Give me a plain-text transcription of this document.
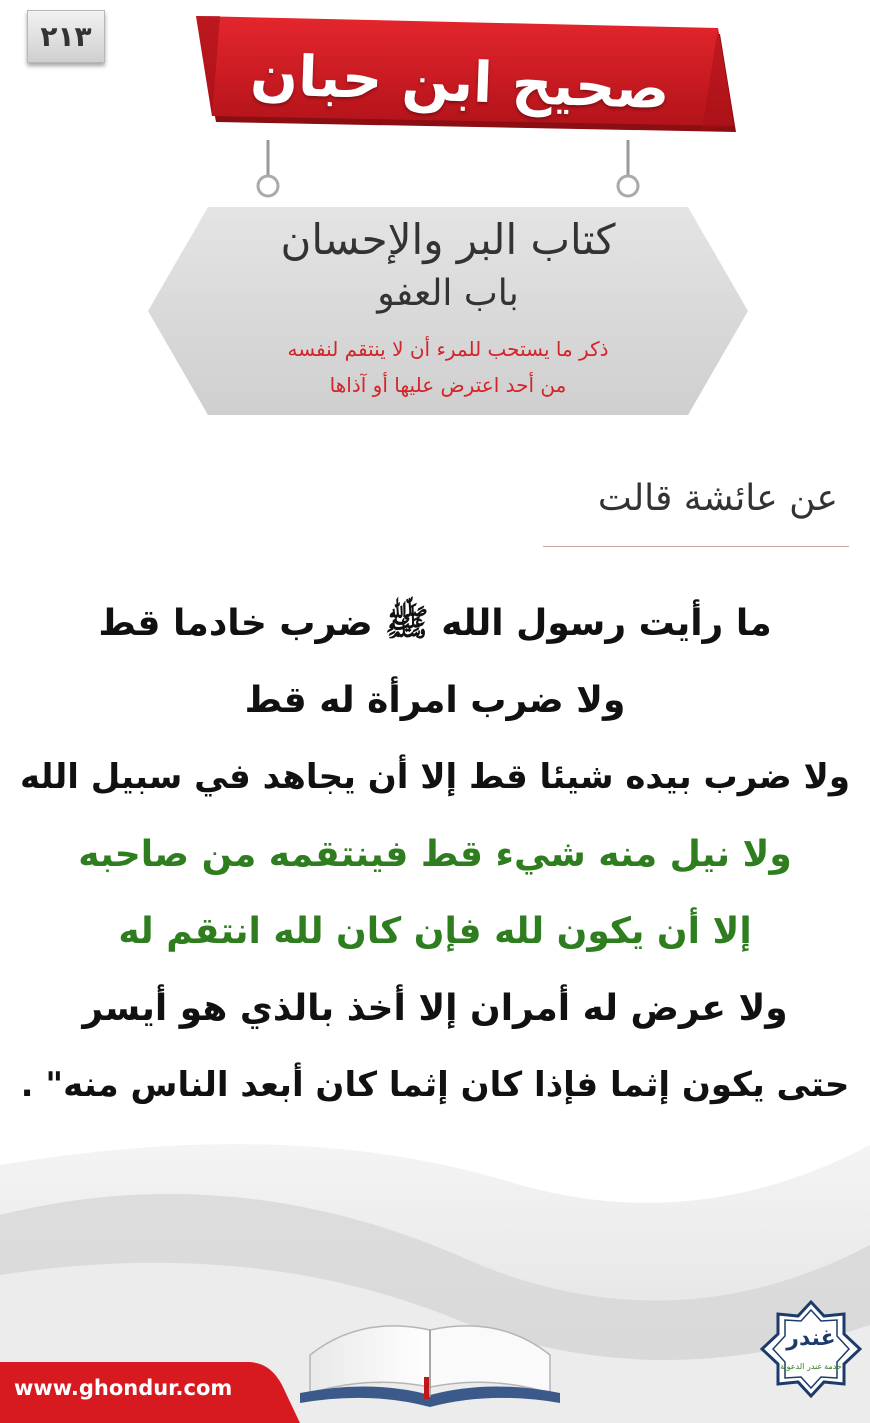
٢١٣
صحيح ابن حبان
كتاب البر والإحسان
باب العفو
ذكر ما يستحب للمرء أن لا ينتقم لنفسه
من أحد اعترض عليها أو آذاها
عن عائشة قالت
ما رأيت رسول الله ﷺ ضرب خادما قط
ولا ضرب امرأة له قط
ولا ضرب بيده شيئا قط إلا أن يجاهد في سبيل الله
ولا نيل منه شيء قط فينتقمه من صاحبه
إلا أن يكون لله فإن كان لله انتقم له
ولا عرض له أمران إلا أخذ بالذي هو أيسر
حتى يكون إثما فإذا كان إثما كان أبعد الناس منه" .
www.ghondur.com
غندر
خدمة غندر الدعوية
